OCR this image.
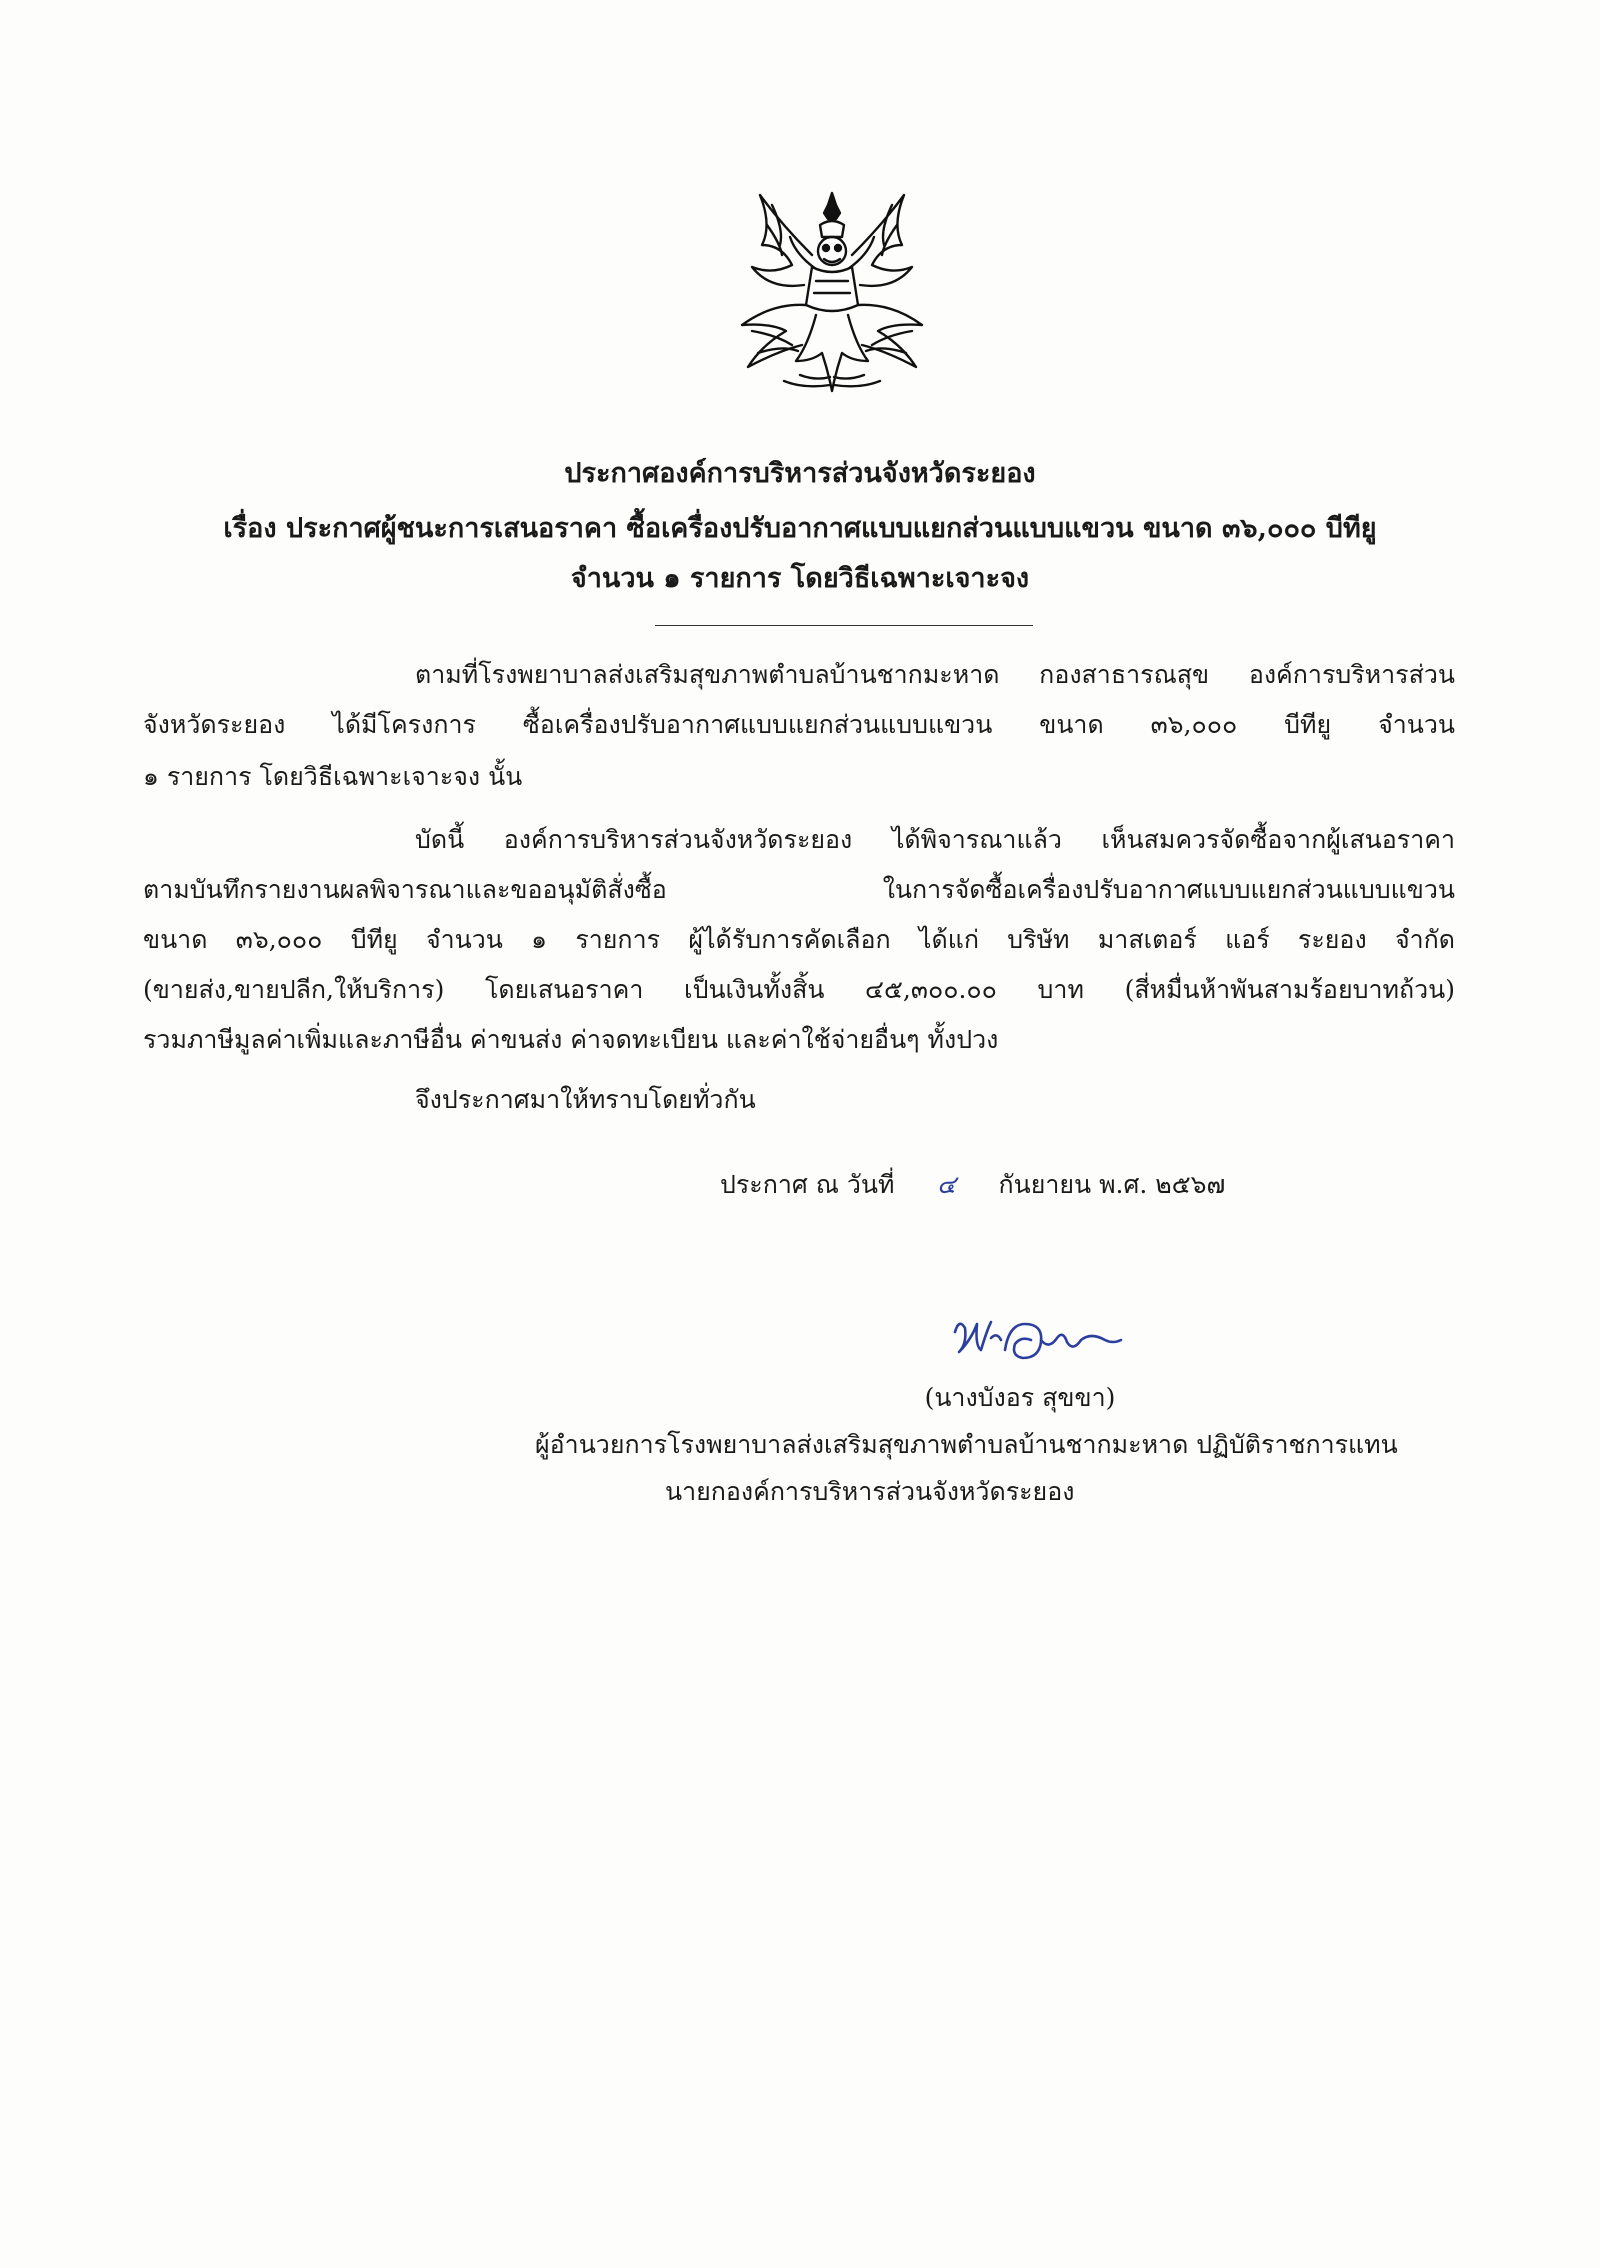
ประกาศองค์การบริหารส่วนจังหวัดระยอง
เรื่อง ประกาศผู้ชนะการเสนอราคา ซื้อเครื่องปรับอากาศแบบแยกส่วนแบบแขวน ขนาด ๓๖,๐๐๐ บีทียู
จำนวน ๑ รายการ โดยวิธีเฉพาะเจาะจง
ตามที่โรงพยาบาลส่งเสริมสุขภาพตำบลบ้านชากมะหาด กองสาธารณสุข องค์การบริหารส่วน
จังหวัดระยอง ได้มีโครงการ ซื้อเครื่องปรับอากาศแบบแยกส่วนแบบแขวน ขนาด ๓๖,๐๐๐ บีทียู จำนวน
๑ รายการ โดยวิธีเฉพาะเจาะจง นั้น
บัดนี้ องค์การบริหารส่วนจังหวัดระยอง ได้พิจารณาแล้ว เห็นสมควรจัดซื้อจากผู้เสนอราคา
ตามบันทึกรายงานผลพิจารณาและขออนุมัติสั่งซื้อ ในการจัดซื้อเครื่องปรับอากาศแบบแยกส่วนแบบแขวน
ขนาด ๓๖,๐๐๐ บีทียู จำนวน ๑ รายการ ผู้ได้รับการคัดเลือก ได้แก่ บริษัท มาสเตอร์ แอร์ ระยอง จำกัด
(ขายส่ง,ขายปลีก,ให้บริการ) โดยเสนอราคา เป็นเงินทั้งสิ้น ๔๕,๓๐๐.๐๐ บาท (สี่หมื่นห้าพันสามร้อยบาทถ้วน)
รวมภาษีมูลค่าเพิ่มและภาษีอื่น ค่าขนส่ง ค่าจดทะเบียน และค่าใช้จ่ายอื่นๆ ทั้งปวง
จึงประกาศมาให้ทราบโดยทั่วกัน
ประกาศ ณ วันที่ ๔ กันยายน พ.ศ. ๒๕๖๗
(นางบังอร สุขขา)
ผู้อำนวยการโรงพยาบาลส่งเสริมสุขภาพตำบลบ้านชากมะหาด ปฏิบัติราชการแทน
นายกองค์การบริหารส่วนจังหวัดระยอง
